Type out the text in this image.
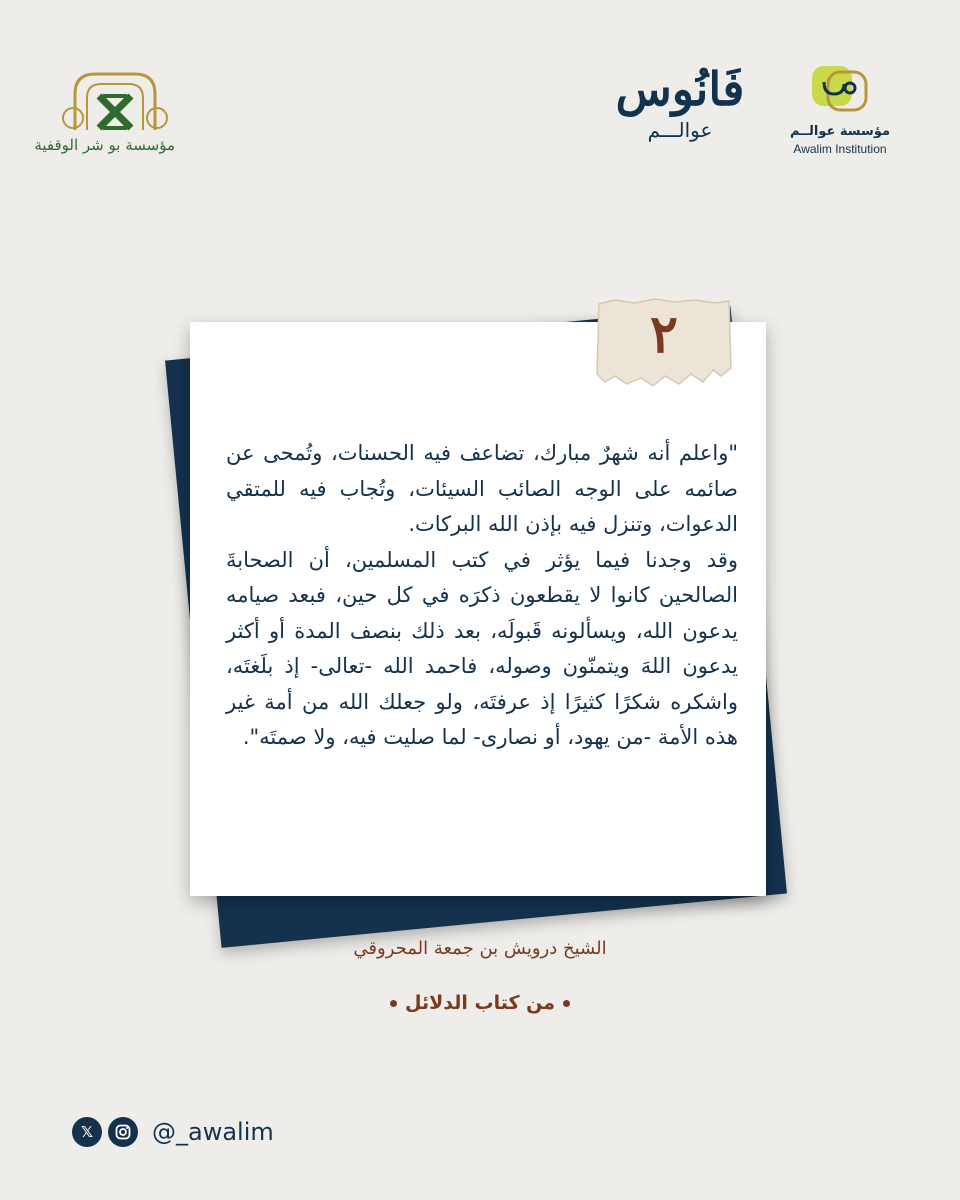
مؤسسة بو شر الوقفية
فَانُوس
عوالـــم	مؤسسة عوالــم
Awalim Institution
٢

"واعلم أنه شهرٌ مبارك، تضاعف فيه الحسنات، وتُمحى عن صائمه على الوجه الصائب السيئات، وتُجاب فيه للمتقي الدعوات، وتنزل فيه بإذن الله البركات.

وقد وجدنا فيما يؤثر في كتب المسلمين، أن الصحابةَ الصالحين كانوا لا يقطعون ذكرَه في كل حين، فبعد صيامه يدعون الله، ويسألونه قَبولَه، بعد ذلك بنصف المدة أو أكثر يدعون اللهَ ويتمنّون وصوله، فاحمد الله -تعالى- إذ بلَغتَه، واشكره شكرًا كثيرًا إذ عرفتَه، ولو جعلك الله من أمة غير هذه الأمة -من يهود، أو نصارى- لما صليت فيه، ولا صمتَه".

الشيخ درويش بن جمعة المحروقي
من كتاب الدلائل
𝕏	@_awalim
